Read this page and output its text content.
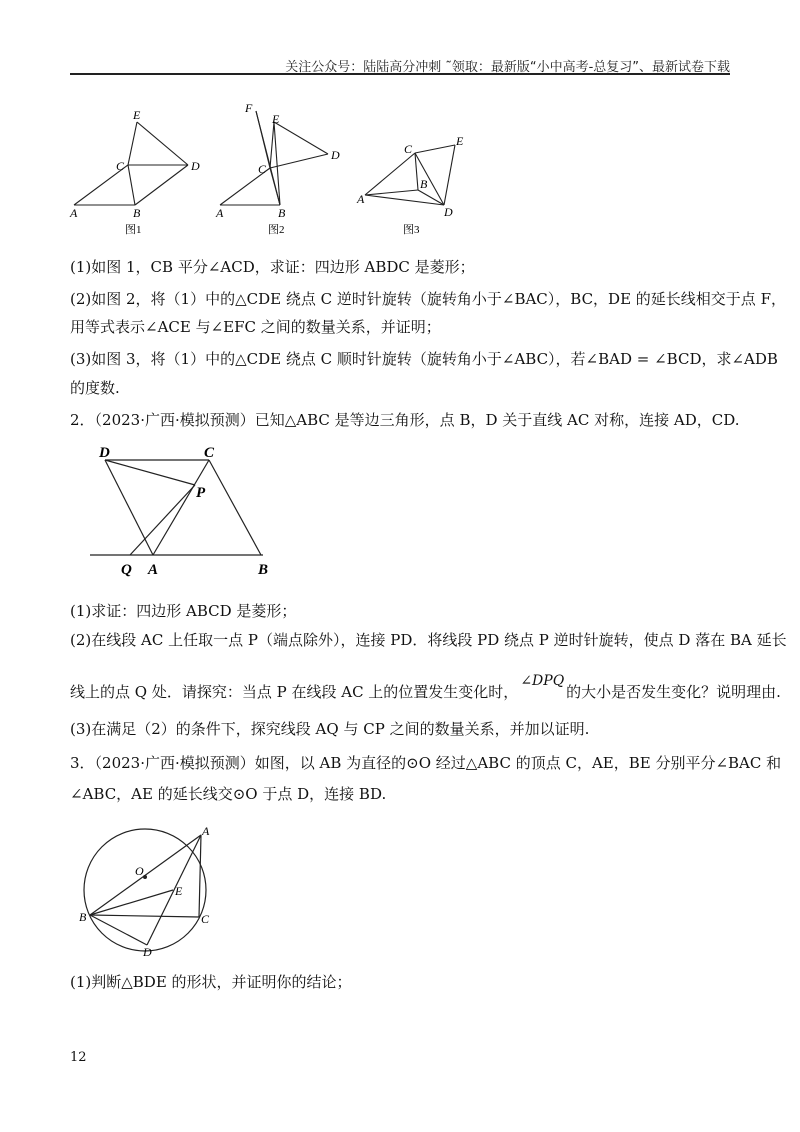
关注公众号：陆陆高分冲刺 ˜领取：最新版“小中高考-总复习”、最新试卷下载
E
C	D
A	B
图1
F
E
C
D
A	B
图2
C
E
B
A
D
图3
(1)如图 1，CB 平分∠ACD，求证：四边形 ABDC 是菱形；
(2)如图 2，将（1）中的△CDE 绕点 C 逆时针旋转（旋转角小于∠BAC），BC，DE 的延长线相交于点 F，
用等式表示∠ACE 与∠EFC 之间的数量关系，并证明；
(3)如图 3，将（1）中的△CDE 绕点 C 顺时针旋转（旋转角小于∠ABC），若∠BAD = ∠BCD，求∠ADB
的度数.
2．（2023·广西·模拟预测）已知△ABC 是等边三角形，点 B，D 关于直线 AC 对称，连接 AD，CD.
D	C
P
Q A	B
(1)求证：四边形 ABCD 是菱形；
(2)在线段 AC 上任取一点 P（端点除外），连接 PD．将线段 PD 绕点 P 逆时针旋转，使点 D 落在 BA 延长
线上的点 Q 处．请探究：当点 P 在线段 AC 上的位置发生变化时，∠DPQ的大小是否发生变化？说明理由.
(3)在满足（2）的条件下，探究线段 AQ 与 CP 之间的数量关系，并加以证明.
3．（2023·广西·模拟预测）如图，以 AB 为直径的⊙O 经过△ABC 的顶点 C，AE，BE 分别平分∠BAC 和
∠ABC，AE 的延长线交⊙O 于点 D，连接 BD.
A
O
E
B	C
D
(1)判断△BDE 的形状，并证明你的结论；
12
